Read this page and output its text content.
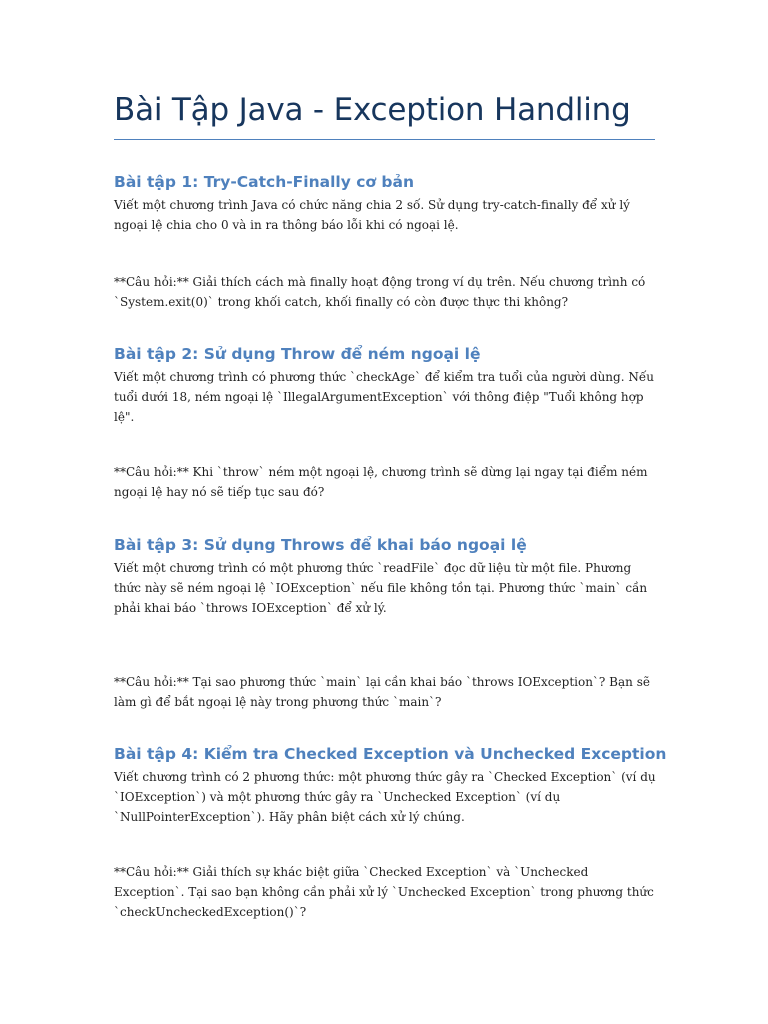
Bài Tập Java - Exception Handling
Bài tập 1: Try-Catch-Finally cơ bản

Viết một chương trình Java có chức năng chia 2 số. Sử dụng try-catch-finally để xử lý ngoại lệ chia cho 0 và in ra thông báo lỗi khi có ngoại lệ.

**Câu hỏi:** Giải thích cách mà finally hoạt động trong ví dụ trên. Nếu chương trình có `System.exit(0)` trong khối catch, khối finally có còn được thực thi không?

Bài tập 2: Sử dụng Throw để ném ngoại lệ

Viết một chương trình có phương thức `checkAge` để kiểm tra tuổi của người dùng. Nếu tuổi dưới 18, ném ngoại lệ `IllegalArgumentException` với thông điệp "Tuổi không hợp lệ".

**Câu hỏi:** Khi `throw` ném một ngoại lệ, chương trình sẽ dừng lại ngay tại điểm ném ngoại lệ hay nó sẽ tiếp tục sau đó?

Bài tập 3: Sử dụng Throws để khai báo ngoại lệ

Viết một chương trình có một phương thức `readFile` đọc dữ liệu từ một file. Phương thức này sẽ ném ngoại lệ `IOException` nếu file không tồn tại. Phương thức `main` cần phải khai báo `throws IOException` để xử lý.

**Câu hỏi:** Tại sao phương thức `main` lại cần khai báo `throws IOException`? Bạn sẽ làm gì để bắt ngoại lệ này trong phương thức `main`?

Bài tập 4: Kiểm tra Checked Exception và Unchecked Exception

Viết chương trình có 2 phương thức: một phương thức gây ra `Checked Exception` (ví dụ `IOException`) và một phương thức gây ra `Unchecked Exception` (ví dụ `NullPointerException`). Hãy phân biệt cách xử lý chúng.

**Câu hỏi:** Giải thích sự khác biệt giữa `Checked Exception` và `Unchecked Exception`. Tại sao bạn không cần phải xử lý `Unchecked Exception` trong phương thức `checkUncheckedException()`?
